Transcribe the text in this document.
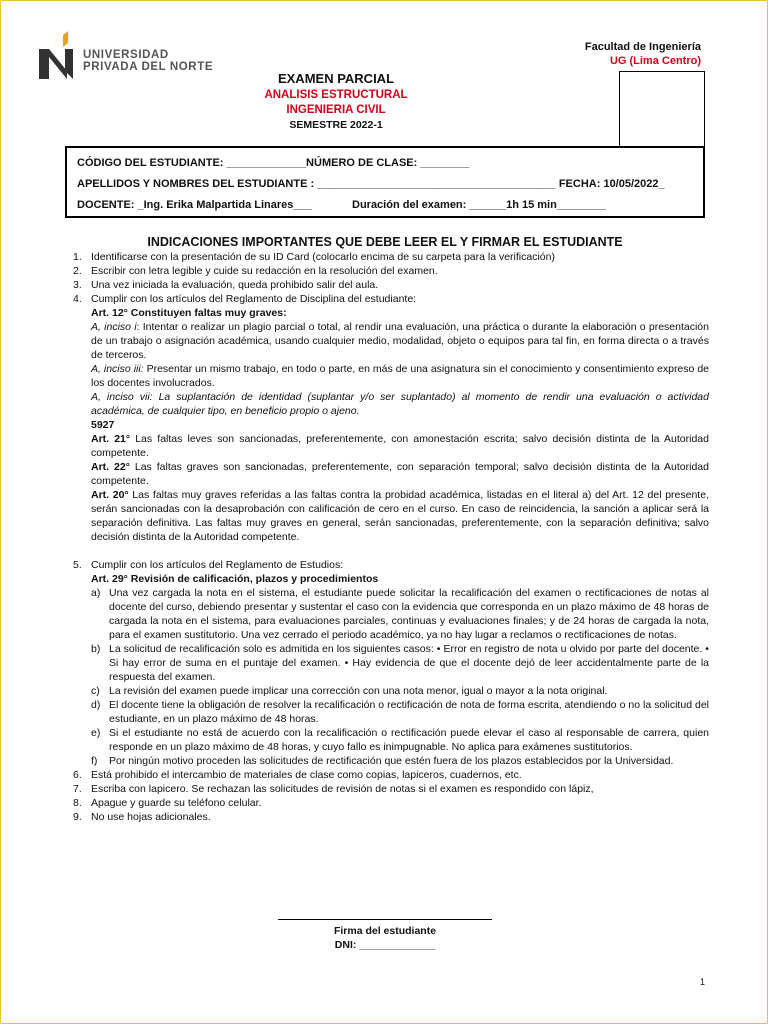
UNIVERSIDAD
PRIVADA DEL NORTE
Facultad de Ingeniería
UG (Lima Centro)
EXAMEN PARCIAL
ANALISIS ESTRUCTURAL
INGENIERIA CIVIL
SEMESTRE 2022-1
CÓDIGO DEL ESTUDIANTE: _____________NÚMERO DE CLASE: ________
APELLIDOS Y NOMBRES DEL ESTUDIANTE : _______________________________________ FECHA: 10/05/2022_
DOCENTE: _Ing. Erika Malpartida Linares___	Duración del examen: ______1h 15 min________
INDICACIONES IMPORTANTES QUE DEBE LEER EL Y FIRMAR EL ESTUDIANTE
1. Identificarse con la presentación de su ID Card (colocarlo encima de su carpeta para la verificación)

2. Escribir con letra legible y cuide su redacción en la resolución del examen.

3. Una vez iniciada la evaluación, queda prohibido salir del aula.

4. Cumplir con los artículos del Reglamento de Disciplina del estudiante:

Art. 12° Constituyen faltas muy graves:

A, inciso i: Intentar o realizar un plagio parcial o total, al rendir una evaluación, una práctica o durante la elaboración o presentación de un trabajo o asignación académica, usando cualquier medio, modalidad, objeto o equipos para tal fin, en forma directa o a través de terceros.

A, inciso iii: Presentar un mismo trabajo, en todo o parte, en más de una asignatura sin el conocimiento y consentimiento expreso de los docentes involucrados.

A, inciso vii: La suplantación de identidad (suplantar y/o ser suplantado) al momento de rendir una evaluación o actividad académica, de cualquier tipo, en beneficio propio o ajeno.

5927

Art. 21° Las faltas leves son sancionadas, preferentemente, con amonestación escrita; salvo decisión distinta de la Autoridad competente.

Art. 22° Las faltas graves son sancionadas, preferentemente, con separación temporal; salvo decisión distinta de la Autoridad competente.

Art. 20° Las faltas muy graves referidas a las faltas contra la probidad académica, listadas en el literal a) del Art. 12 del presente, serán sancionadas con la desaprobación con calificación de cero en el curso. En caso de reincidencia, la sanción a aplicar será la separación definitiva. Las faltas muy graves en general, serán sancionadas, preferentemente, con la separación definitiva; salvo decisión distinta de la Autoridad competente.

5. Cumplir con los artículos del Reglamento de Estudios:

Art. 29° Revisión de calificación, plazos y procedimientos

a) Una vez cargada la nota en el sistema, el estudiante puede solicitar la recalificación del examen o rectificaciones de notas al docente del curso, debiendo presentar y sustentar el caso con la evidencia que corresponda en un plazo máximo de 48 horas de cargada la nota en el sistema, para evaluaciones parciales, continuas y evaluaciones finales; y de 24 horas de cargada la nota, para el examen sustitutorio. Una vez cerrado el periodo académico, ya no hay lugar a reclamos o rectificaciones de notas.

b) La solicitud de recalificación solo es admitida en los siguientes casos: • Error en registro de nota u olvido por parte del docente. • Si hay error de suma en el puntaje del examen. • Hay evidencia de que el docente dejó de leer accidentalmente parte de la respuesta del examen.

c) La revisión del examen puede implicar una corrección con una nota menor, igual o mayor a la nota original.

d) El docente tiene la obligación de resolver la recalificación o rectificación de nota de forma escrita, atendiendo o no la solicitud del estudiante, en un plazo máximo de 48 horas.

e) Si el estudiante no está de acuerdo con la recalificación o rectificación puede elevar el caso al responsable de carrera, quien responde en un plazo máximo de 48 horas, y cuyo fallo es inimpugnable. No aplica para exámenes sustitutorios.

f) Por ningún motivo proceden las solicitudes de rectificación que estén fuera de los plazos establecidos por la Universidad.

6. Está prohibido el intercambio de materiales de clase como copias, lapiceros, cuadernos, etc.

7. Escriba con lapicero. Se rechazan las solicitudes de revisión de notas si el examen es respondido con lápiz,

8. Apague y guarde su teléfono celular.

9. No use hojas adicionales.

Firma del estudiante
DNI: _____________
1
